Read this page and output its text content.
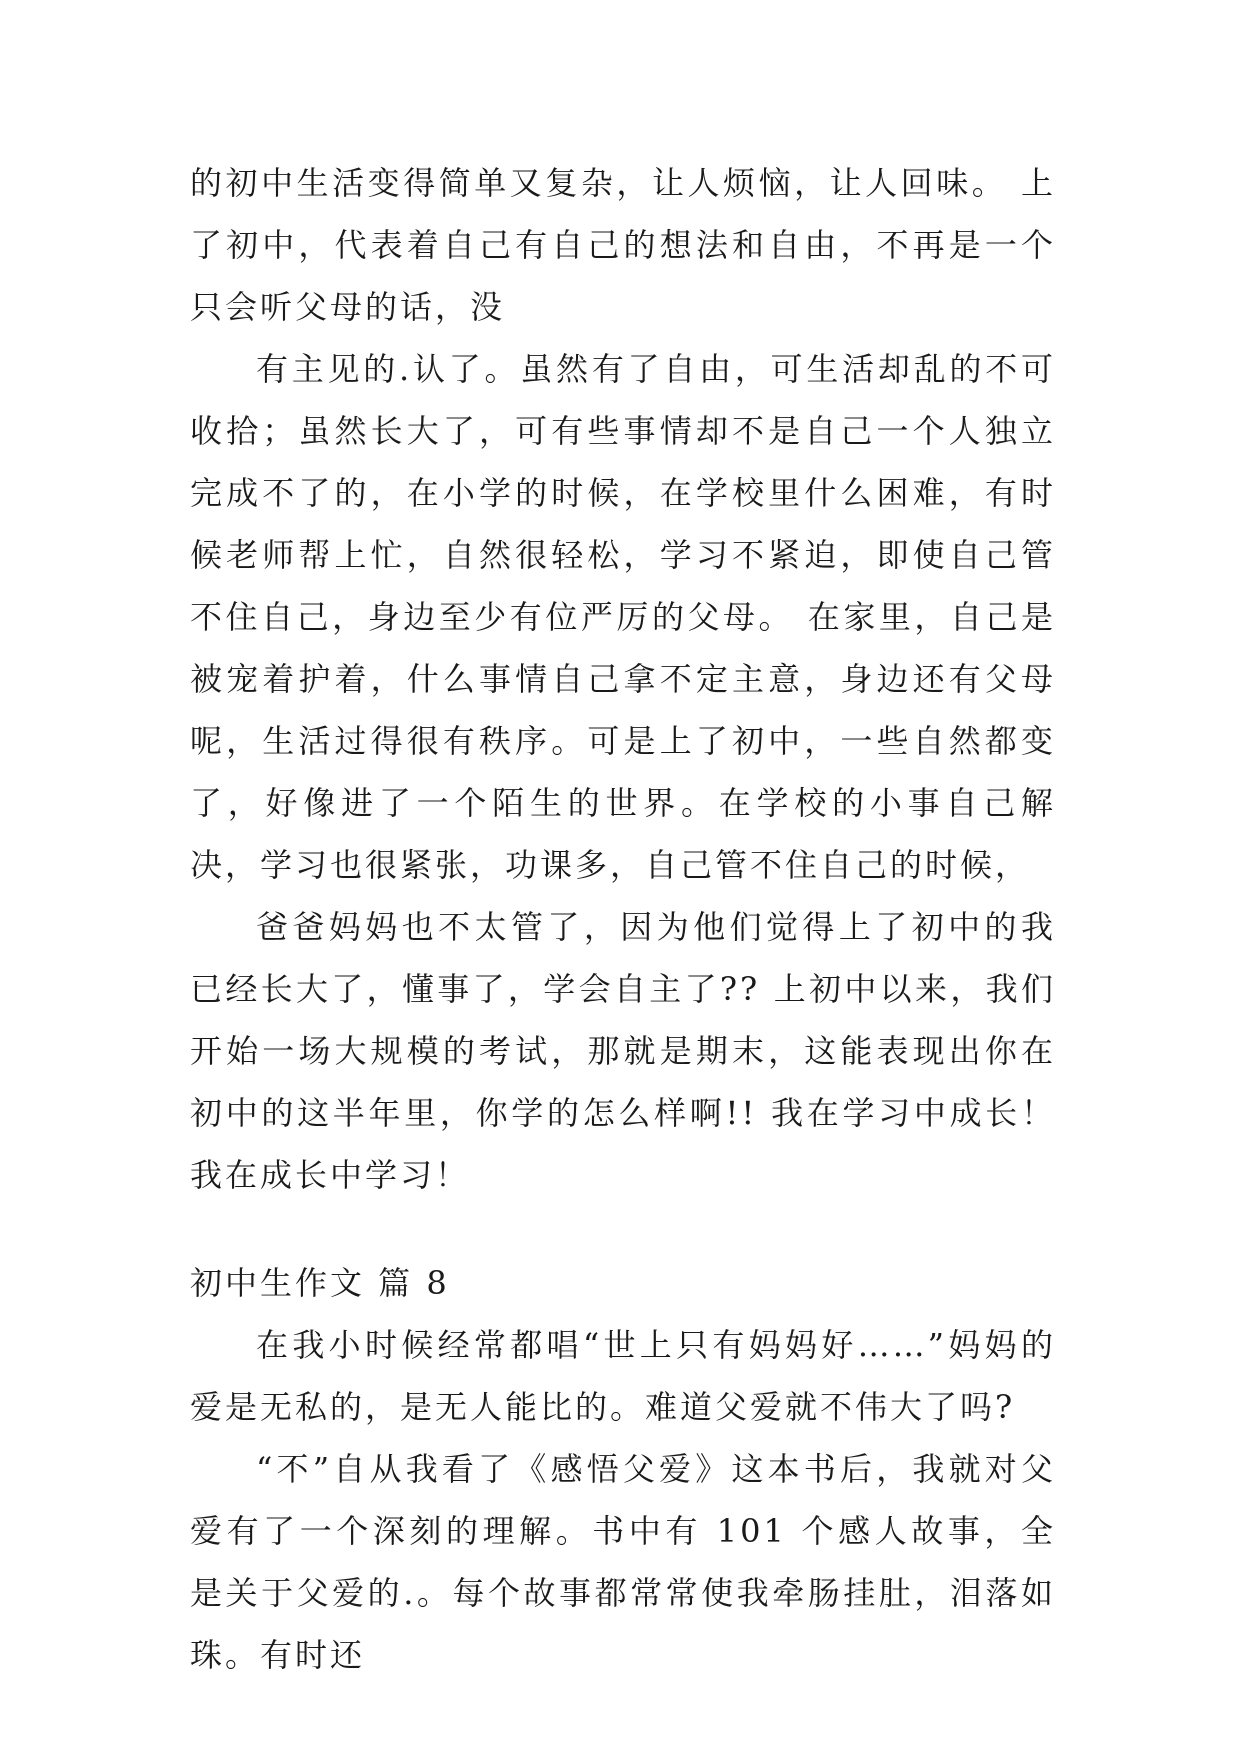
的初中生活变得简单又复杂，让人烦恼，让人回味。 上了初中，代表着自己有自己的想法和自由，不再是一个只会听父母的话，没

有主见的.认了。虽然有了自由，可生活却乱的不可收拾；虽然长大了，可有些事情却不是自己一个人独立完成不了的，在小学的时候，在学校里什么困难，有时候老师帮上忙，自然很轻松，学习不紧迫，即使自己管不住自己，身边至少有位严厉的父母。 在家里，自己是被宠着护着，什么事情自己拿不定主意，身边还有父母呢，生活过得很有秩序。可是上了初中，一些自然都变了，好像进了一个陌生的世界。在学校的小事自己解决，学习也很紧张，功课多，自己管不住自己的时候，

爸爸妈妈也不太管了，因为他们觉得上了初中的我已经长大了，懂事了，学会自主了?? 上初中以来，我们开始一场大规模的考试，那就是期末，这能表现出你在初中的这半年里，你学的怎么样啊!! 我在学习中成长！ 我在成长中学习！

初中生作文 篇 8

在我小时候经常都唱“世上只有妈妈好……”妈妈的爱是无私的，是无人能比的。难道父爱就不伟大了吗?

“不”自从我看了《感悟父爱》这本书后，我就对父爱有了一个深刻的理解。书中有 101 个感人故事，全是关于父爱的.。每个故事都常常使我牵肠挂肚，泪落如珠。有时还
